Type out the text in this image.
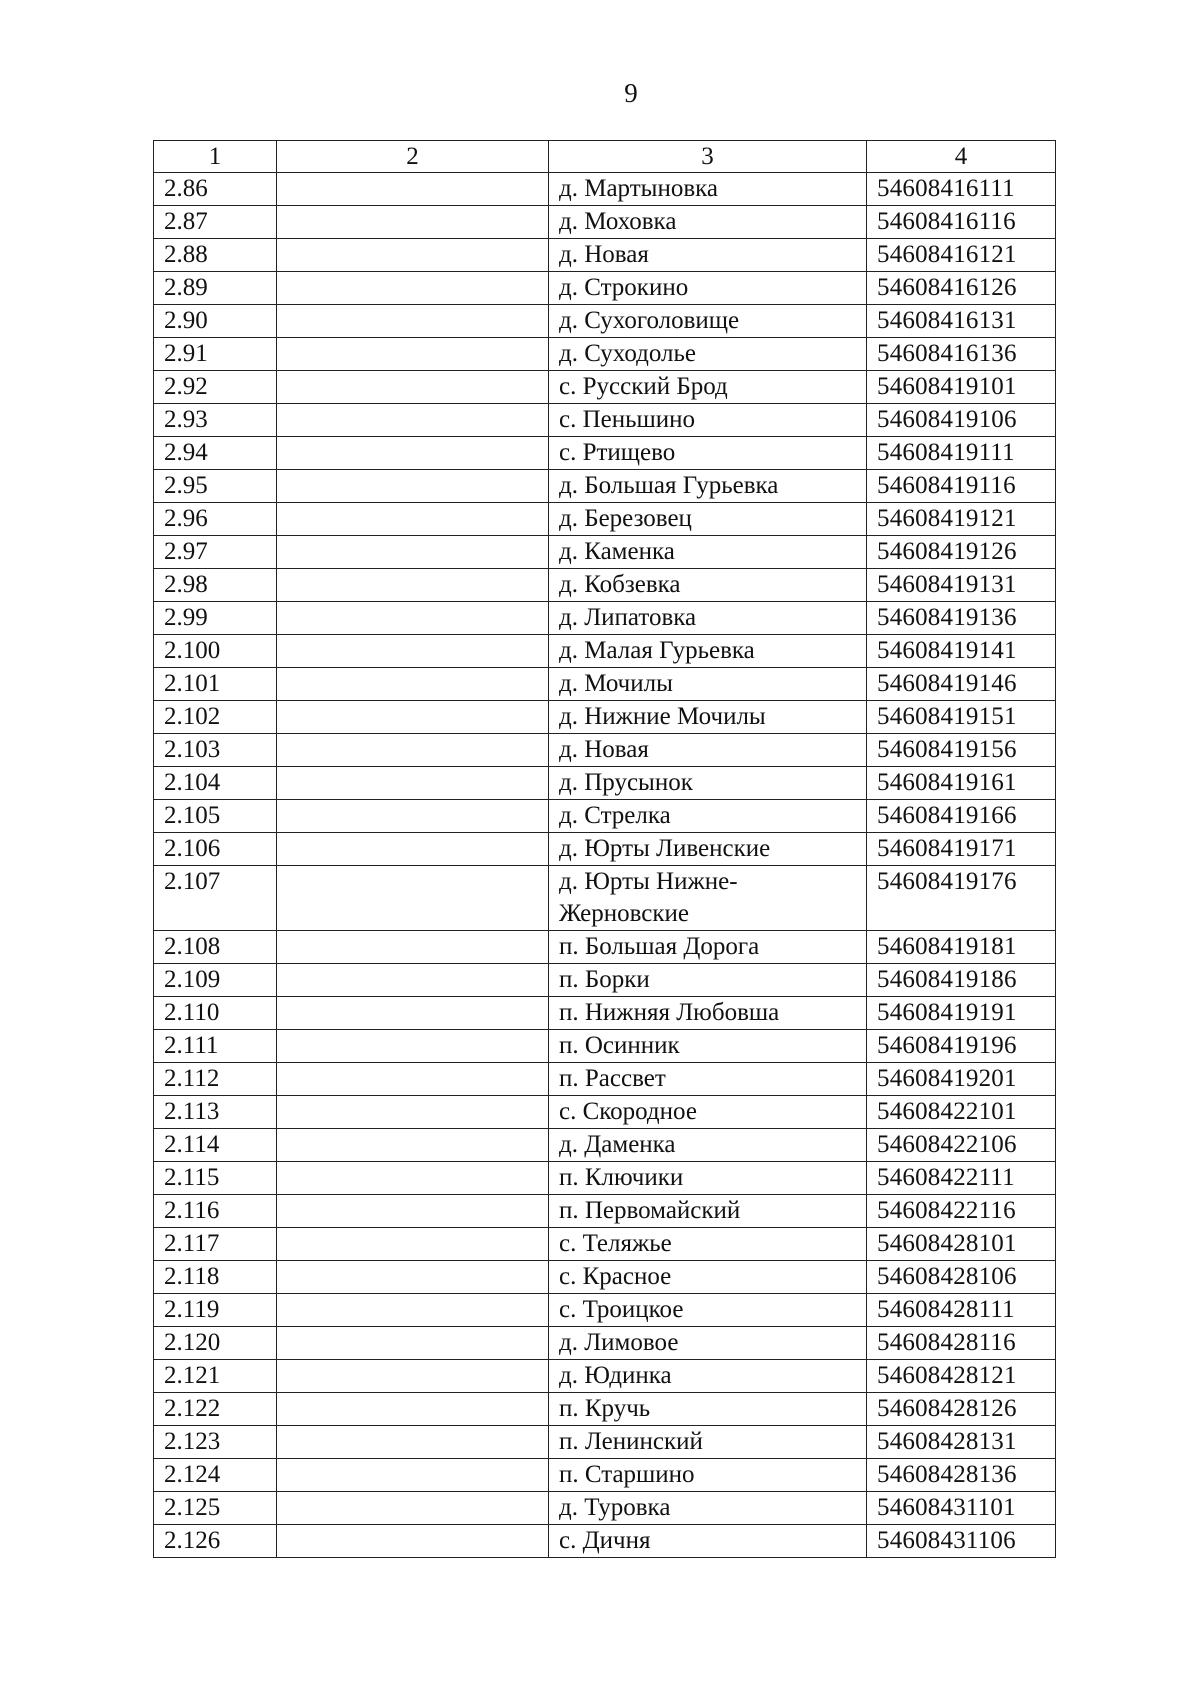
9
1	2	3	4
2.86		д. Мартыновка	54608416111
2.87		д. Моховка	54608416116
2.88		д. Новая	54608416121
2.89		д. Строкино	54608416126
2.90		д. Сухоголовище	54608416131
2.91		д. Суходолье	54608416136
2.92		с. Русский Брод	54608419101
2.93		с. Пеньшино	54608419106
2.94		с. Ртищево	54608419111
2.95		д. Большая Гурьевка	54608419116
2.96		д. Березовец	54608419121
2.97		д. Каменка	54608419126
2.98		д. Кобзевка	54608419131
2.99		д. Липатовка	54608419136
2.100		д. Малая Гурьевка	54608419141
2.101		д. Мочилы	54608419146
2.102		д. Нижние Мочилы	54608419151
2.103		д. Новая	54608419156
2.104		д. Прусынок	54608419161
2.105		д. Стрелка	54608419166
2.106		д. Юрты Ливенские	54608419171
2.107		д. Юрты Нижне-Жерновские	54608419176
2.108		п. Большая Дорога	54608419181
2.109		п. Борки	54608419186
2.110		п. Нижняя Любовша	54608419191
2.111		п. Осинник	54608419196
2.112		п. Рассвет	54608419201
2.113		с. Скородное	54608422101
2.114		д. Даменка	54608422106
2.115		п. Ключики	54608422111
2.116		п. Первомайский	54608422116
2.117		с. Теляжье	54608428101
2.118		с. Красное	54608428106
2.119		с. Троицкое	54608428111
2.120		д. Лимовое	54608428116
2.121		д. Юдинка	54608428121
2.122		п. Кручь	54608428126
2.123		п. Ленинский	54608428131
2.124		п. Старшино	54608428136
2.125		д. Туровка	54608431101
2.126		с. Дичня	54608431106
